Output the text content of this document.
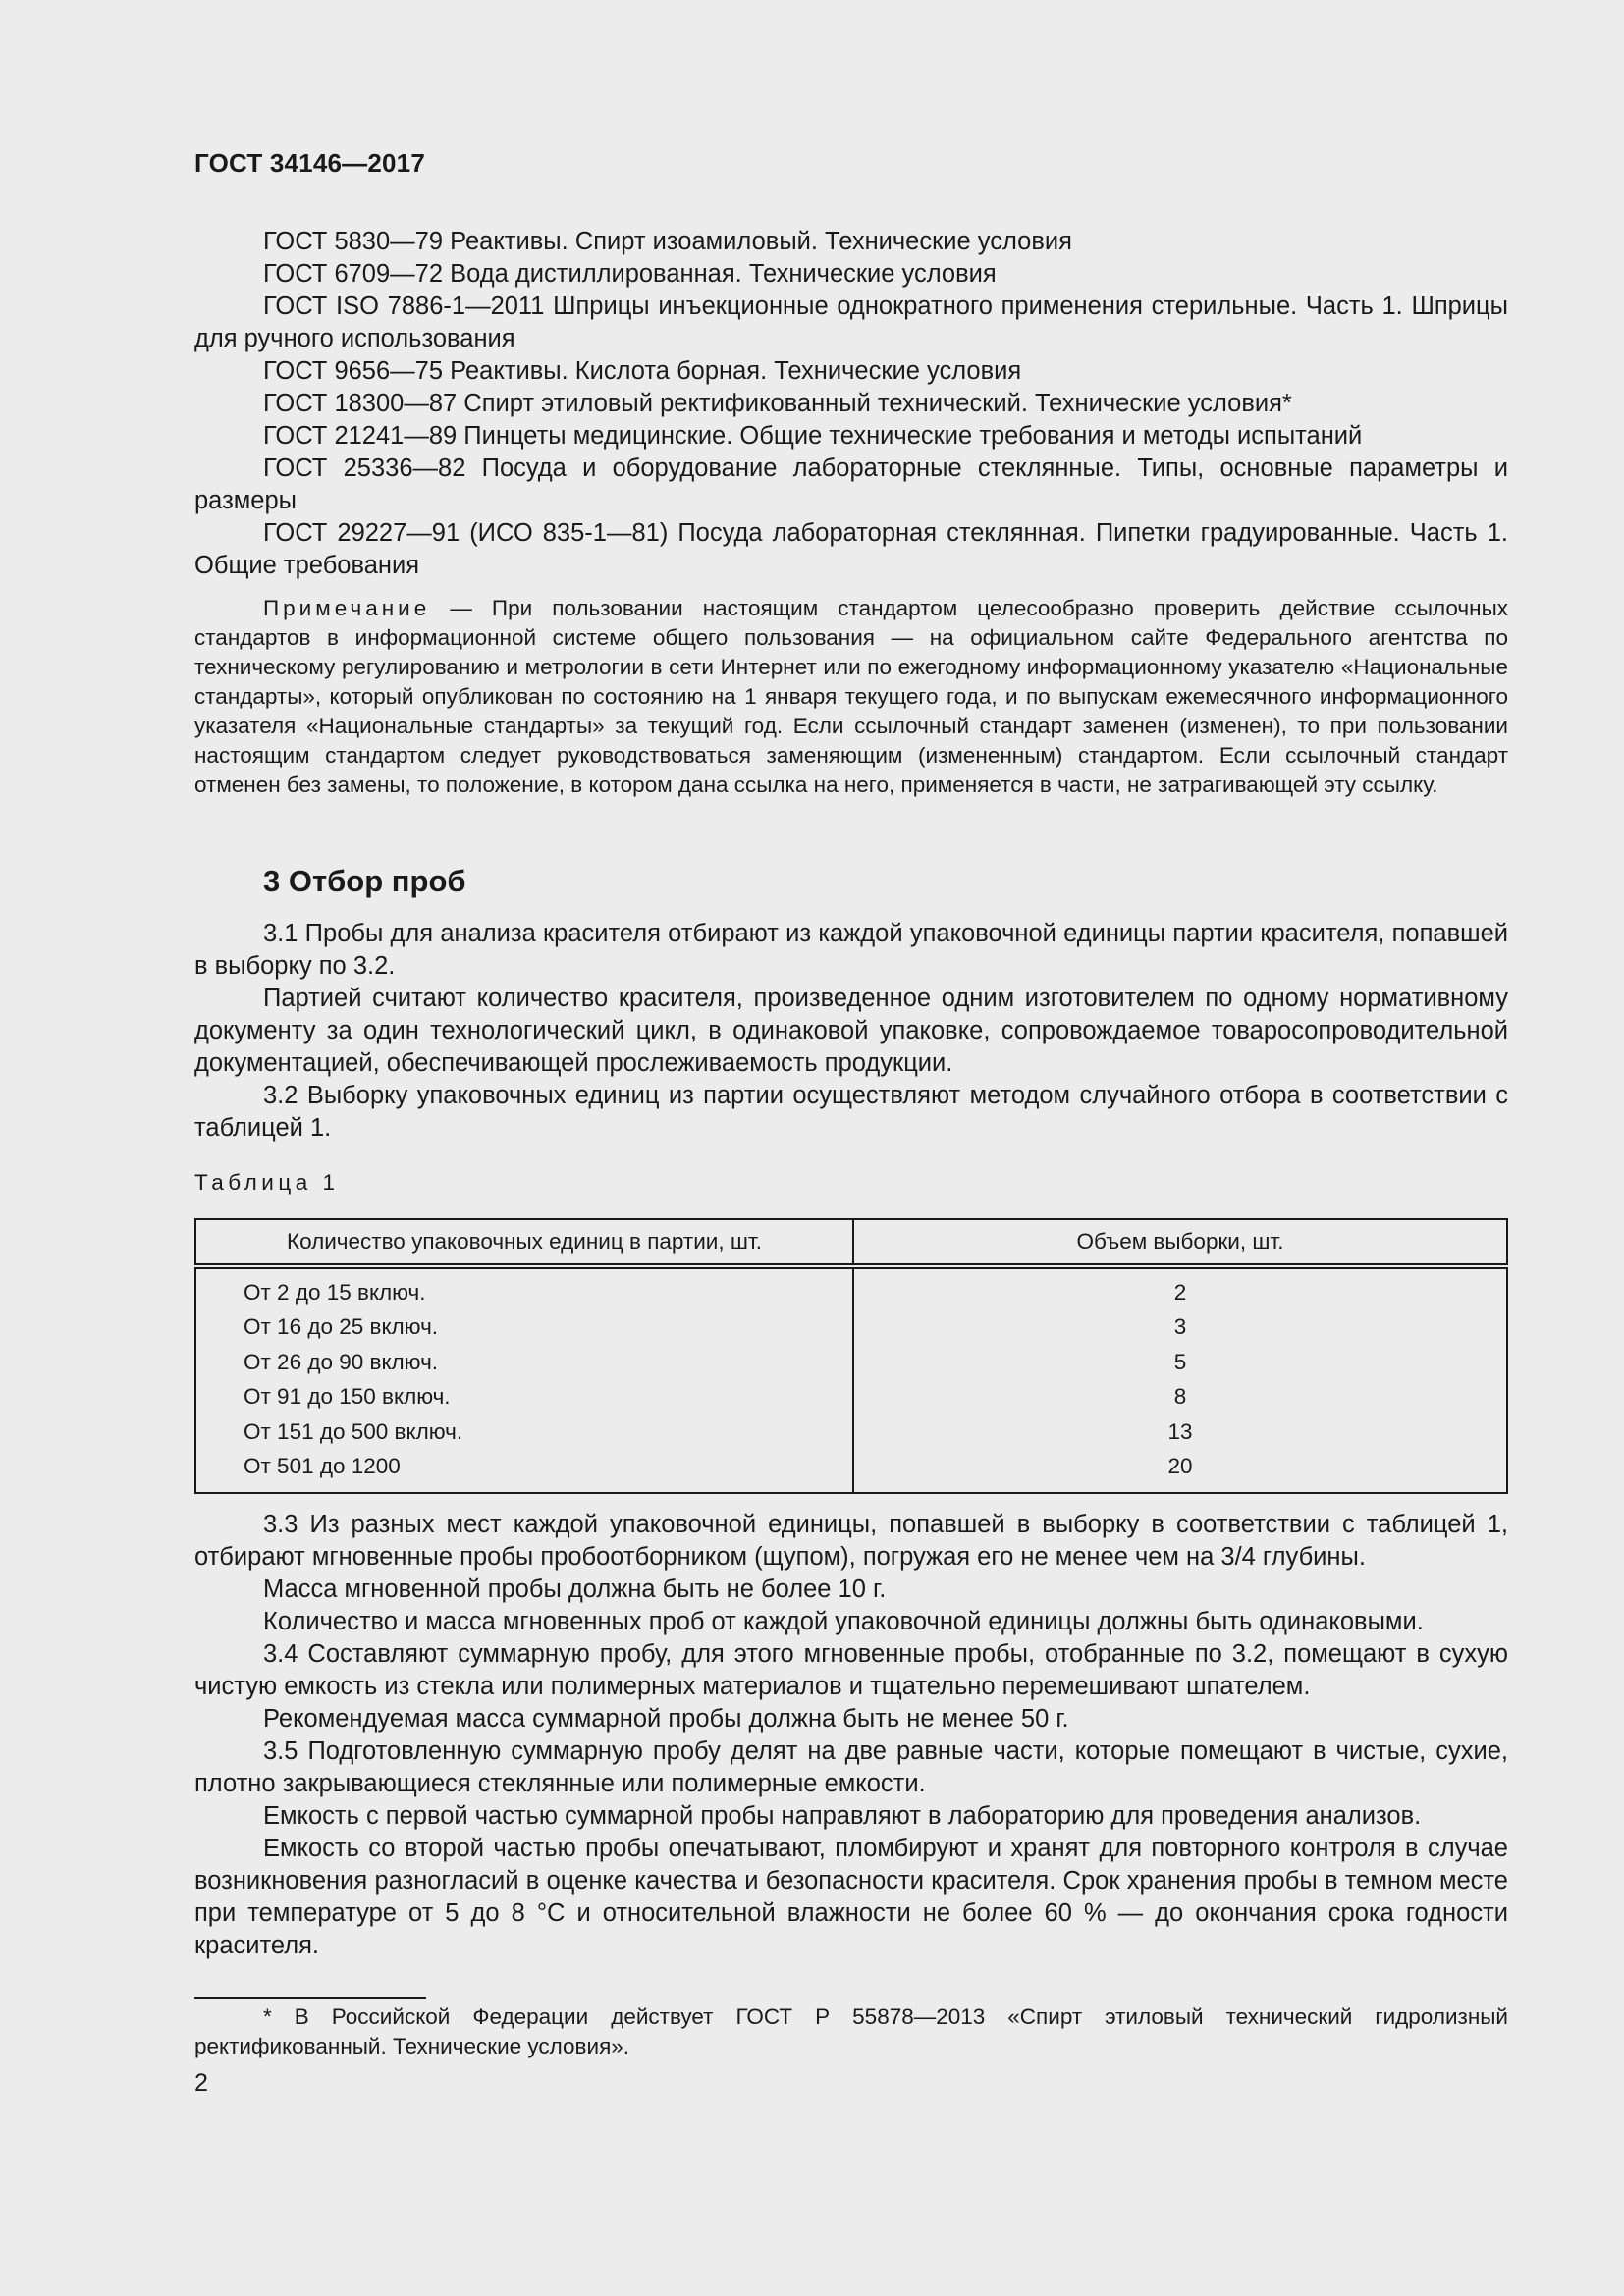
ГОСТ 34146—2017

ГОСТ 5830—79 Реактивы. Спирт изоамиловый. Технические условия

ГОСТ 6709—72 Вода дистиллированная. Технические условия

ГОСТ ISO 7886-1—2011 Шприцы инъекционные однократного применения стерильные. Часть 1. Шприцы для ручного использования

ГОСТ 9656—75 Реактивы. Кислота борная. Технические условия

ГОСТ 18300—87 Спирт этиловый ректификованный технический. Технические условия*

ГОСТ 21241—89 Пинцеты медицинские. Общие технические требования и методы испытаний

ГОСТ 25336—82 Посуда и оборудование лабораторные стеклянные. Типы, основные параметры и размеры

ГОСТ 29227—91 (ИСО 835-1—81) Посуда лабораторная стеклянная. Пипетки градуированные. Часть 1. Общие требования

Примечание — При пользовании настоящим стандартом целесообразно проверить действие ссылочных стандартов в информационной системе общего пользования — на официальном сайте Федерального агентства по техническому регулированию и метрологии в сети Интернет или по ежегодному информационному указателю «Национальные стандарты», который опубликован по состоянию на 1 января текущего года, и по выпускам ежемесячного информационного указателя «Национальные стандарты» за текущий год. Если ссылочный стандарт заменен (изменен), то при пользовании настоящим стандартом следует руководствоваться заменяющим (измененным) стандартом. Если ссылочный стандарт отменен без замены, то положение, в котором дана ссылка на него, применяется в части, не затрагивающей эту ссылку.
3 Отбор проб

3.1 Пробы для анализа красителя отбирают из каждой упаковочной единицы партии красителя, попавшей в выборку по 3.2.

Партией считают количество красителя, произведенное одним изготовителем по одному нормативному документу за один технологический цикл, в одинаковой упаковке, сопровождаемое товаросопроводительной документацией, обеспечивающей прослеживаемость продукции.

3.2 Выборку упаковочных единиц из партии осуществляют методом случайного отбора в соответствии с таблицей 1.

Таблица 1
Количество упаковочных единиц в партии, шт.	Объем выборки, шт.
От 2 до 15 включ.	2
От 16 до 25 включ.	3
От 26 до 90 включ.	5
От 91 до 150 включ.	8
От 151 до 500 включ.	13
От 501 до 1200	20

3.3 Из разных мест каждой упаковочной единицы, попавшей в выборку в соответствии с таблицей 1, отбирают мгновенные пробы пробоотборником (щупом), погружая его не менее чем на 3/4 глубины.

Масса мгновенной пробы должна быть не более 10 г.

Количество и масса мгновенных проб от каждой упаковочной единицы должны быть одинаковыми.

3.4 Составляют суммарную пробу, для этого мгновенные пробы, отобранные по 3.2, помещают в сухую чистую емкость из стекла или полимерных материалов и тщательно перемешивают шпателем.

Рекомендуемая масса суммарной пробы должна быть не менее 50 г.

3.5 Подготовленную суммарную пробу делят на две равные части, которые помещают в чистые, сухие, плотно закрывающиеся стеклянные или полимерные емкости.

Емкость с первой частью суммарной пробы направляют в лабораторию для проведения анализов.

Емкость со второй частью пробы опечатывают, пломбируют и хранят для повторного контроля в случае возникновения разногласий в оценке качества и безопасности красителя. Срок хранения пробы в темном месте при температуре от 5 до 8 °С и относительной влажности не более 60 % — до окончания срока годности красителя.

* В Российской Федерации действует ГОСТ Р 55878—2013 «Спирт этиловый технический гидролизный ректификованный. Технические условия».
2
